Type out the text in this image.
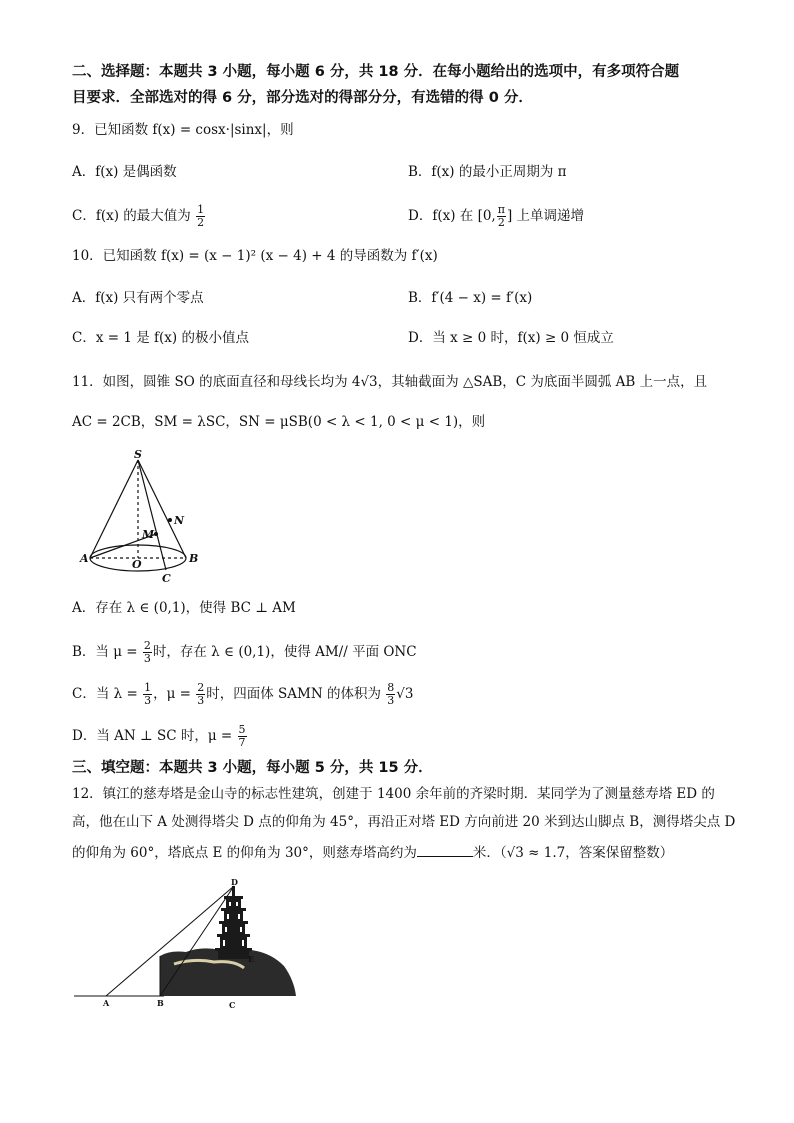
二、选择题：本题共 3 小题，每小题 6 分，共 18 分．在每小题给出的选项中，有多项符合题
目要求．全部选对的得 6 分，部分选对的得部分分，有选错的得 0 分．
9．已知函数 f(x) = cosx·|sinx|，则
A．f(x) 是偶函数	B．f(x) 的最小正周期为 π
C．f(x) 的最大值为 $\frac{1}{2}$	D．f(x) 在 [0, $\frac{\pi}{2}$ ] 上单调递增
10．已知函数 f(x) = (x − 1)² (x − 4) + 4 的导函数为 f′(x)
A．f(x) 只有两个零点	B．f′(4 − x) = f′(x)
C．x = 1 是 f(x) 的极小值点	D．当 x ≥ 0 时，f(x) ≥ 0 恒成立
11．如图，圆锥 SO 的底面直径和母线长均为 4√3，其轴截面为 △SAB，C 为底面半圆弧 AB 上一点，且
AC = 2CB，SM = λSC，SN = μSB(0 < λ < 1, 0 < μ < 1)，则
S
N
M
A	O	B
C
A．存在 λ ∈ (0,1)，使得 BC ⊥ AM
B．当 $\mu = \frac{2}{3}$ 时，存在 λ ∈ (0,1)，使得 AM// 平面 ONC
C．当 $\lambda = \frac{1}{3}$ ，$\mu = \frac{2}{3}$ 时，四面体 SAMN 的体积为 $\frac{8}{3} √3$
D．当 AN ⊥ SC 时，$\mu = \frac{5}{7}$
三、填空题：本题共 3 小题，每小题 5 分，共 15 分．
12．镇江的慈寿塔是金山寺的标志性建筑，创建于 1400 余年前的齐梁时期．某同学为了测量慈寿塔 ED 的
高，他在山下 A 处测得塔尖 D 点的仰角为 45°，再沿正对塔 ED 方向前进 20 米到达山脚点 B，测得塔尖点 D
的仰角为 60°，塔底点 E 的仰角为 30°，则慈寿塔高约为	米．（√3 ≈ 1.7，答案保留整数）
D
E
A	B	C
